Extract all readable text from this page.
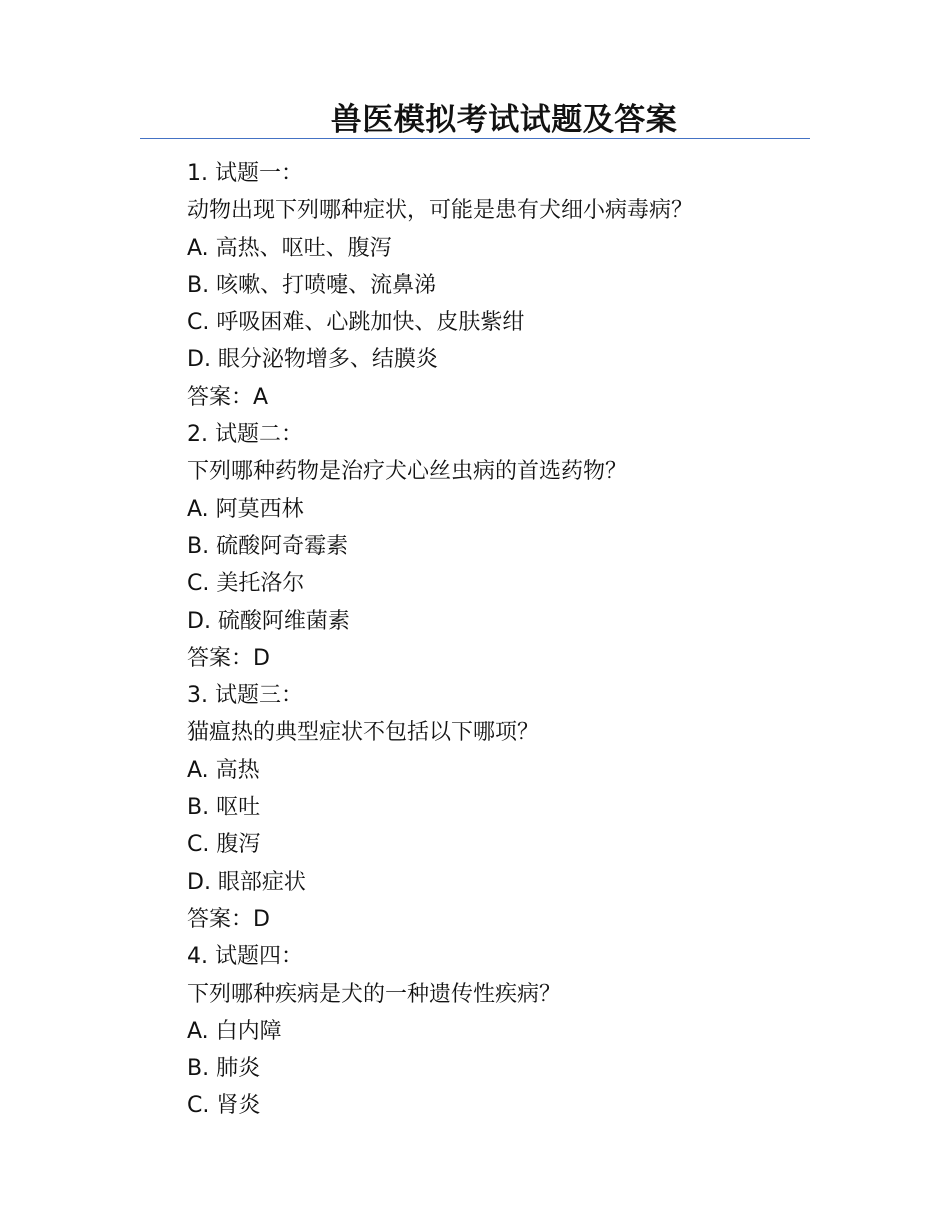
兽医模拟考试试题及答案
1. 试题一：
动物出现下列哪种症状，可能是患有犬细小病毒病？
A. 高热、呕吐、腹泻
B. 咳嗽、打喷嚏、流鼻涕
C. 呼吸困难、心跳加快、皮肤紫绀
D. 眼分泌物增多、结膜炎
答案：A
2. 试题二：
下列哪种药物是治疗犬心丝虫病的首选药物？
A. 阿莫西林
B. 硫酸阿奇霉素
C. 美托洛尔
D. 硫酸阿维菌素
答案：D
3. 试题三：
猫瘟热的典型症状不包括以下哪项？
A. 高热
B. 呕吐
C. 腹泻
D. 眼部症状
答案：D
4. 试题四：
下列哪种疾病是犬的一种遗传性疾病？
A. 白内障
B. 肺炎
C. 肾炎
